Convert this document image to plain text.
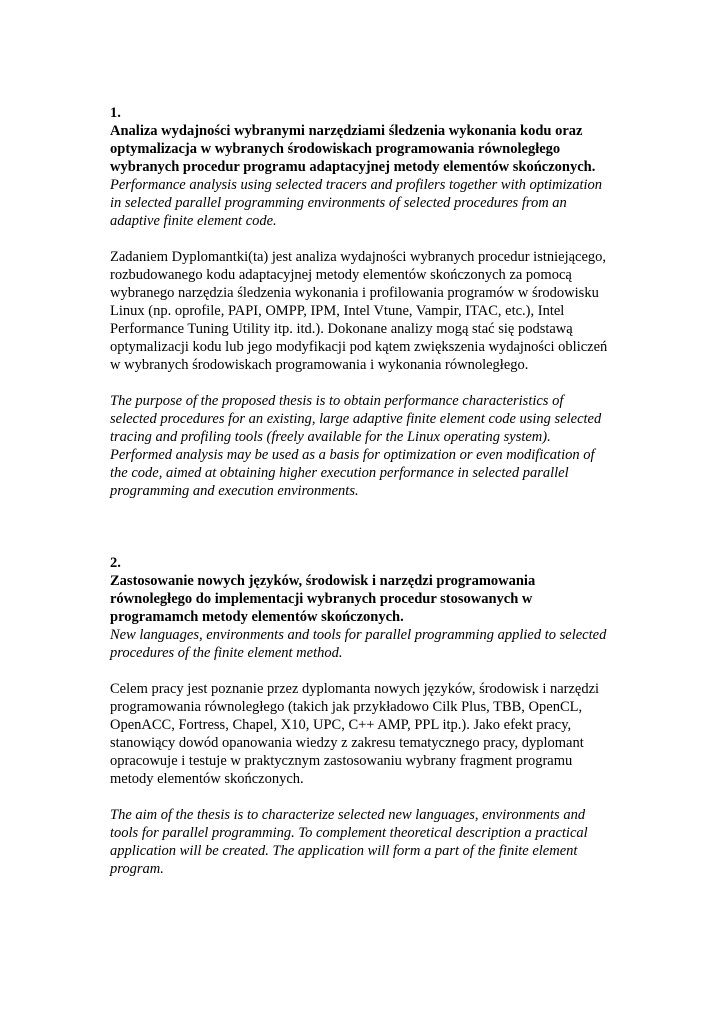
1.

Analiza wydajności wybranymi narzędziami śledzenia wykonania kodu oraz
optymalizacja w wybranych środowiskach programowania równoległego
wybranych procedur programu adaptacyjnej metody elementów skończonych.

Performance analysis using selected tracers and profilers together with optimization
in selected parallel programming environments of selected procedures from an
adaptive finite element code.

Zadaniem Dyplomantki(ta) jest analiza wydajności wybranych procedur istniejącego,
rozbudowanego kodu adaptacyjnej metody elementów skończonych za pomocą
wybranego narzędzia śledzenia wykonania i profilowania programów w środowisku
Linux (np. oprofile, PAPI, OMPP, IPM, Intel Vtune, Vampir, ITAC, etc.), Intel
Performance Tuning Utility itp. itd.). Dokonane analizy mogą stać się podstawą
optymalizacji kodu lub jego modyfikacji pod kątem zwiększenia wydajności obliczeń
w wybranych środowiskach programowania i wykonania równoległego.

The purpose of the proposed thesis is to obtain performance characteristics of
selected procedures for an existing, large adaptive finite element code using selected
tracing and profiling tools (freely available for the Linux operating system).
Performed analysis may be used as a basis for optimization or even modification of
the code, aimed at obtaining higher execution performance in selected parallel
programming and execution environments.

2.

Zastosowanie nowych języków, środowisk i narzędzi programowania
równoległego do implementacji wybranych procedur stosowanych w
programamch metody elementów skończonych.

New languages, environments and tools for parallel programming applied to selected
procedures of the finite element method.

Celem pracy jest poznanie przez dyplomanta nowych języków, środowisk i narzędzi
programowania równoległego (takich jak przykładowo Cilk Plus, TBB, OpenCL,
OpenACC, Fortress, Chapel, X10, UPC, C++ AMP, PPL itp.). Jako efekt pracy,
stanowiący dowód opanowania wiedzy z zakresu tematycznego pracy, dyplomant
opracowuje i testuje w praktycznym zastosowaniu wybrany fragment programu
metody elementów skończonych.

The aim of the thesis is to characterize selected new languages, environments and
tools for parallel programming. To complement theoretical description a practical
application will be created. The application will form a part of the finite element
program.
